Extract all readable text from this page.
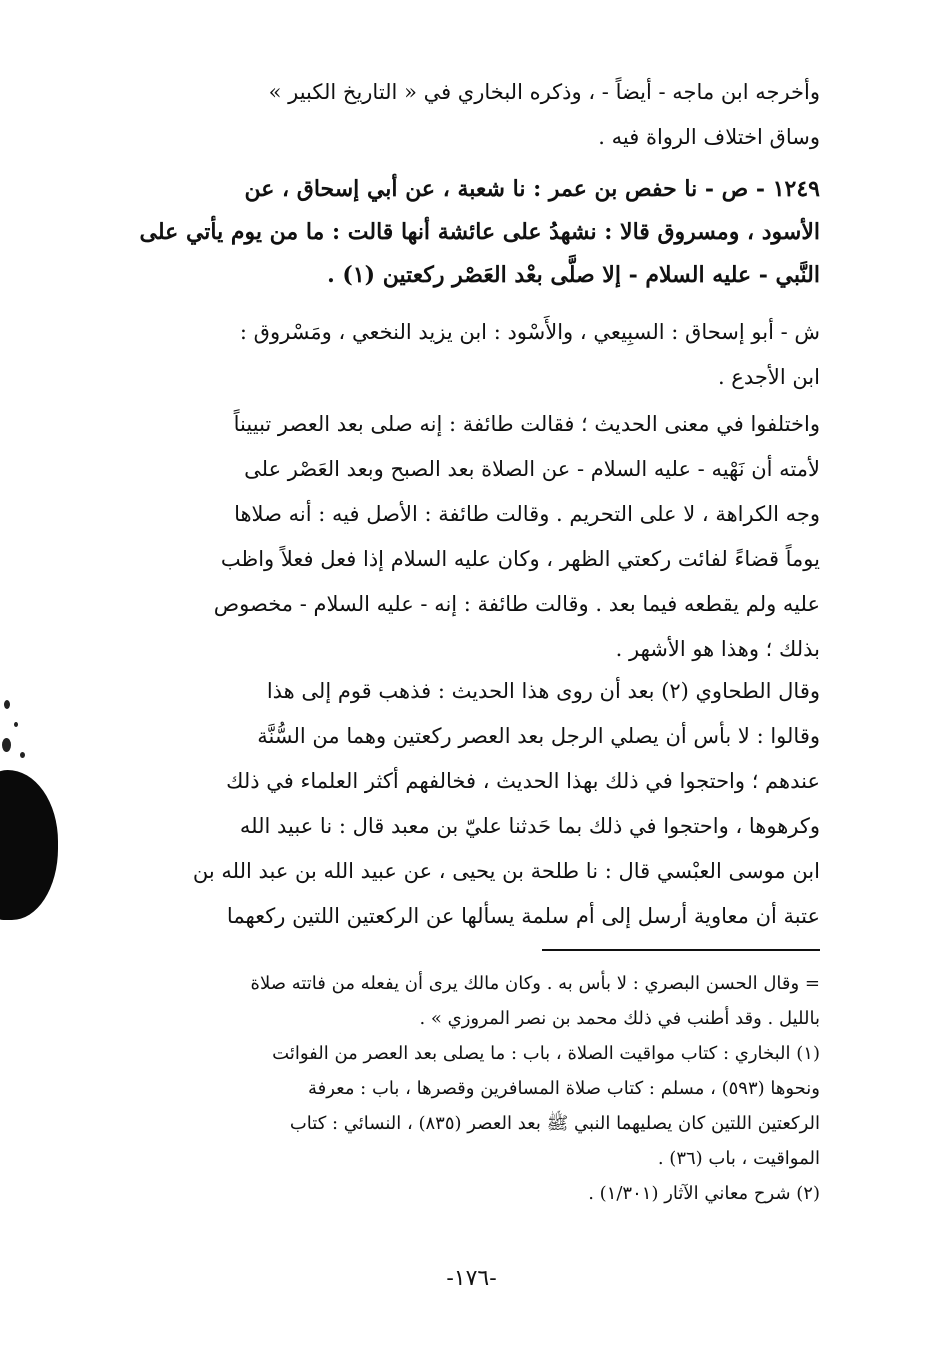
وأخرجه ابن ماجه - أيضاً - ، وذكره البخاري في « التاريخ الكبير »
وساق اختلاف الرواة فيه .
١٢٤٩ - ص - نا حفص بن عمر : نا شعبة ، عن أبي إسحاق ، عن
الأسود ، ومسروق قالا : نشهدُ على عائشة أنها قالت : ما من يوم يأتي على
النَّبي - عليه السلام - إلا صلَّى بعْد العَصْر ركعتين (١) .
ش - أبو إسحاق : السبِيعي ، والأَسْود : ابن يزيد النخعي ، ومَسْروق :
ابن الأجدع .
واختلفوا في معنى الحديث ؛ فقالت طائفة : إنه صلى بعد العصر تبييناً
لأمته أن نَهْيه - عليه السلام - عن الصلاة بعد الصبح وبعد العَصْر على
وجه الكراهة ، لا على التحريم . وقالت طائفة : الأصل فيه : أنه صلاها
يوماً قضاءً لفائت ركعتي الظهر ، وكان عليه السلام إذا فعل فعلاً واظب
عليه ولم يقطعه فيما بعد . وقالت طائفة : إنه - عليه السلام - مخصوص
بذلك ؛ وهذا هو الأشهر .
وقال الطحاوي (٢) بعد أن روى هذا الحديث : فذهب قوم إلى هذا
وقالوا : لا بأس أن يصلي الرجل بعد العصر ركعتين وهما من السُّنَّة
عندهم ؛ واحتجوا في ذلك بهذا الحديث ، فخالفهم أكثر العلماء في ذلك
وكرهوها ، واحتجوا في ذلك بما حَدثنا عليّ بن معبد قال : نا عبيد الله
ابن موسى العبْسي قال : نا طلحة بن يحيى ، عن عبيد الله بن عبد الله بن
عتبة أن معاوية أرسل إلى أم سلمة يسألها عن الركعتين اللتين ركعهما
= وقال الحسن البصري : لا بأس به . وكان مالك يرى أن يفعله من فاتته صلاة
بالليل . وقد أطنب في ذلك محمد بن نصر المروزي » .
(١) البخاري : كتاب مواقيت الصلاة ، باب : ما يصلى بعد العصر من الفوائت
ونحوها (٥٩٣) ، مسلم : كتاب صلاة المسافرين وقصرها ، باب : معرفة
الركعتين اللتين كان يصليهما النبي ﷺ بعد العصر (٨٣٥) ، النسائي : كتاب
المواقيت ، باب (٣٦) .
(٢) شرح معاني الآثار (١/٣٠١) .
-١٧٦-
